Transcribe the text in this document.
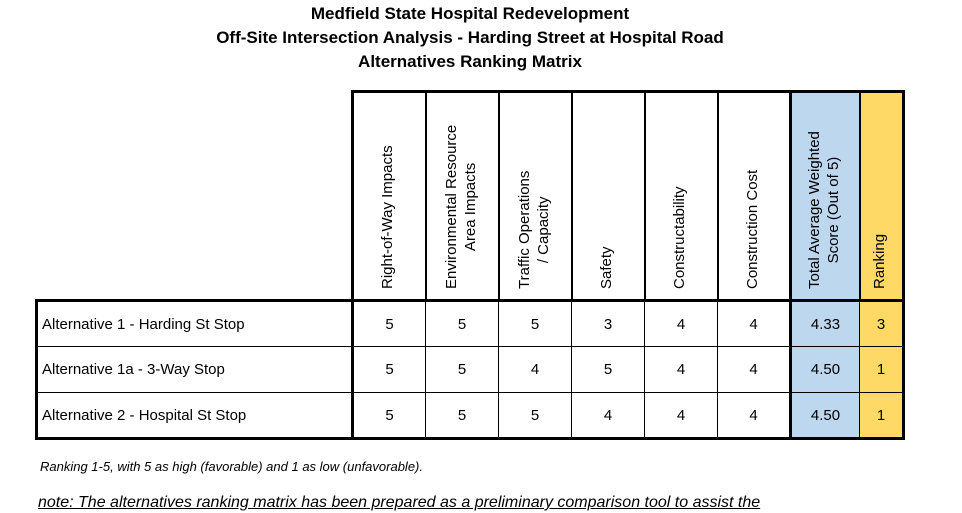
Medfield State Hospital Redevelopment
Off-Site Intersection Analysis - Harding Street at Hospital Road
Alternatives Ranking Matrix

	Right-of-Way Impacts	Environmental Resource Area Impacts	Traffic Operations / Capacity	Safety	Constructability	Construction Cost	Total Average Weighted Score (Out of 5)	Ranking

Alternative 1 - Harding St Stop	5	5	5	3	4	4	4.33	3
Alternative 1a - 3-Way Stop	5	5	4	5	4	4	4.50	1
Alternative 2 - Hospital St Stop	5	5	5	4	4	4	4.50	1
Ranking 1-5, with 5 as high (favorable) and 1 as low (unfavorable).
note: The alternatives ranking matrix has been prepared as a preliminary comparison tool to assist the
